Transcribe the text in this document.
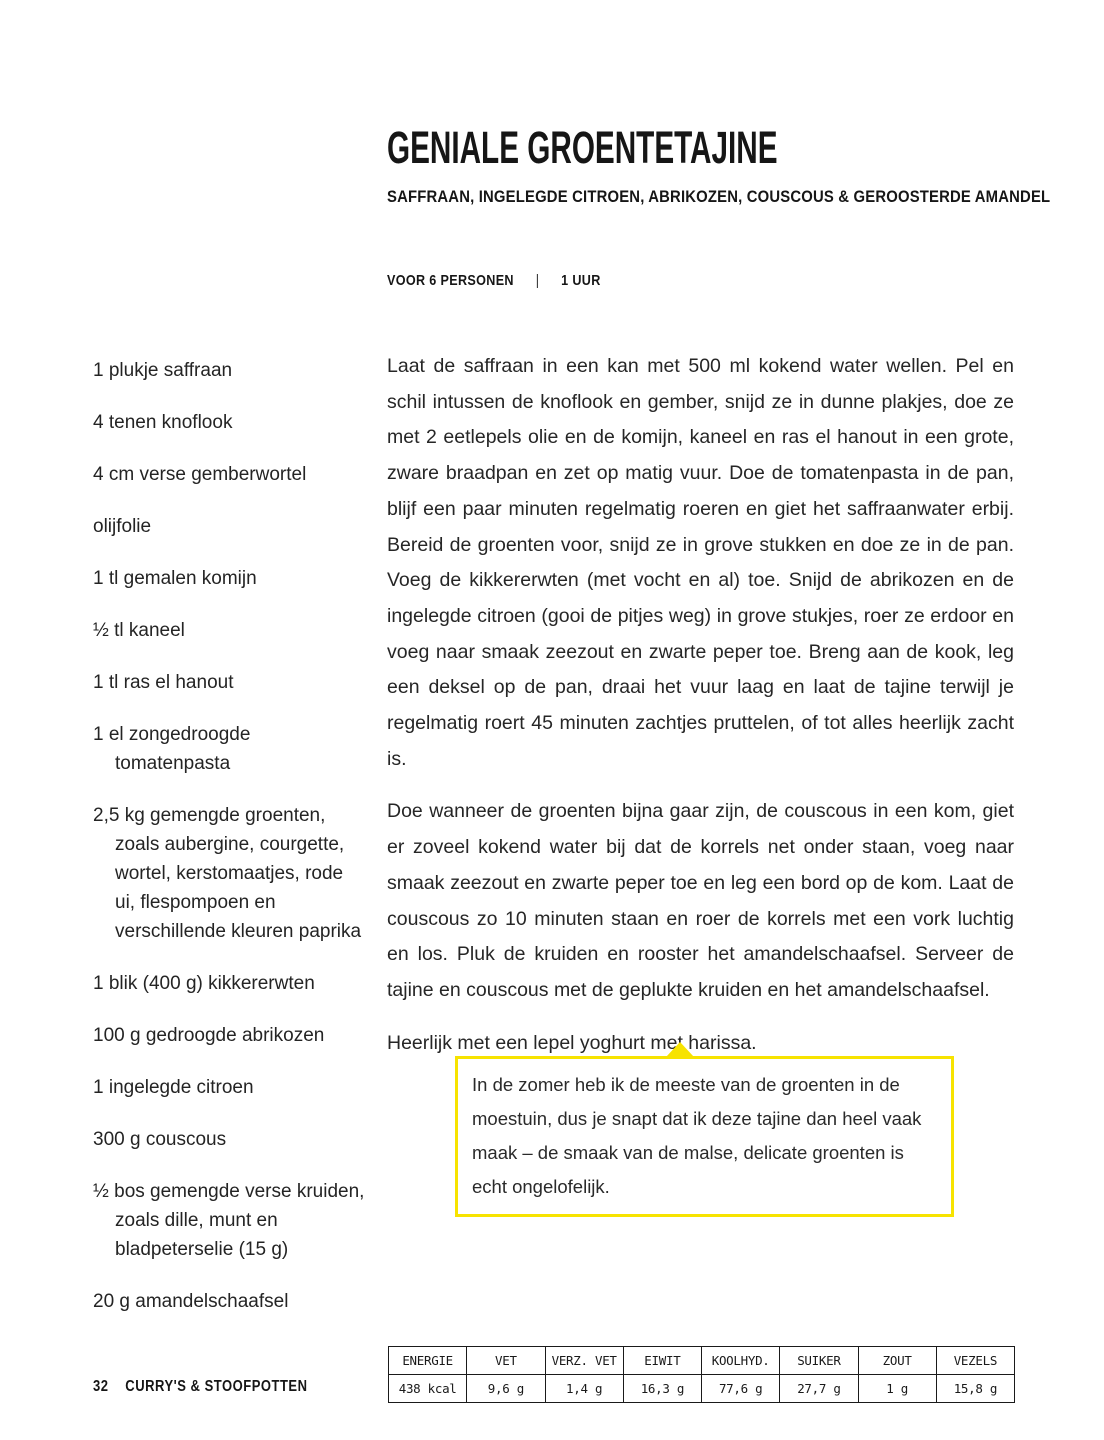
GENIALE GROENTETAJINE
SAFFRAAN, INGELEGDE CITROEN, ABRIKOZEN, COUSCOUS & GEROOSTERDE AMANDEL
VOOR 6 PERSONEN | 1 UUR
1 plukje saffraan
4 tenen knoflook
4 cm verse gemberwortel
olijfolie
1 tl gemalen komijn
½ tl kaneel
1 tl ras el hanout
1 el zongedroogde tomatenpasta
2,5 kg gemengde groenten, zoals aubergine, courgette, wortel, kerstomaatjes, rode ui, flespompoen en verschillende kleuren paprika
1 blik (400 g) kikkererwten
100 g gedroogde abrikozen
1 ingelegde citroen
300 g couscous
½ bos gemengde verse kruiden, zoals dille, munt en bladpeterselie (15 g)
20 g amandelschaafsel

Laat de saffraan in een kan met 500 ml kokend water wellen. Pel en schil intussen de knoflook en gember, snijd ze in dunne plakjes, doe ze met 2 eetlepels olie en de komijn, kaneel en ras el hanout in een grote, zware braadpan en zet op matig vuur. Doe de tomatenpasta in de pan, blijf een paar minuten regelmatig roeren en giet het saffraanwater erbij. Bereid de groenten voor, snijd ze in grove stukken en doe ze in de pan. Voeg de kikkererwten (met vocht en al) toe. Snijd de abrikozen en de ingelegde citroen (gooi de pitjes weg) in grove stukjes, roer ze erdoor en voeg naar smaak zeezout en zwarte peper toe. Breng aan de kook, leg een deksel op de pan, draai het vuur laag en laat de tajine terwijl je regelmatig roert 45 minuten zachtjes pruttelen, of tot alles heerlijk zacht is.

Doe wanneer de groenten bijna gaar zijn, de couscous in een kom, giet er zoveel kokend water bij dat de korrels net onder staan, voeg naar smaak zeezout en zwarte peper toe en leg een bord op de kom. Laat de couscous zo 10 minuten staan en roer de korrels met een vork luchtig en los. Pluk de kruiden en rooster het amandelschaafsel. Serveer de tajine en couscous met de geplukte kruiden en het amandelschaafsel.

Heerlijk met een lepel yoghurt met harissa.

In de zomer heb ik de meeste van de groenten in de moestuin, dus je snapt dat ik deze tajine dan heel vaak maak – de smaak van de malse, delicate groenten is echt ongelofelijk.
ENERGIE	VET	VERZ. VET	EIWIT	KOOLHYD.	SUIKER	ZOUT	VEZELS
438 kcal	9,6 g	1,4 g	16,3 g	77,6 g	27,7 g	1 g	15,8 g
32 CURRY'S & STOOFPOTTEN
